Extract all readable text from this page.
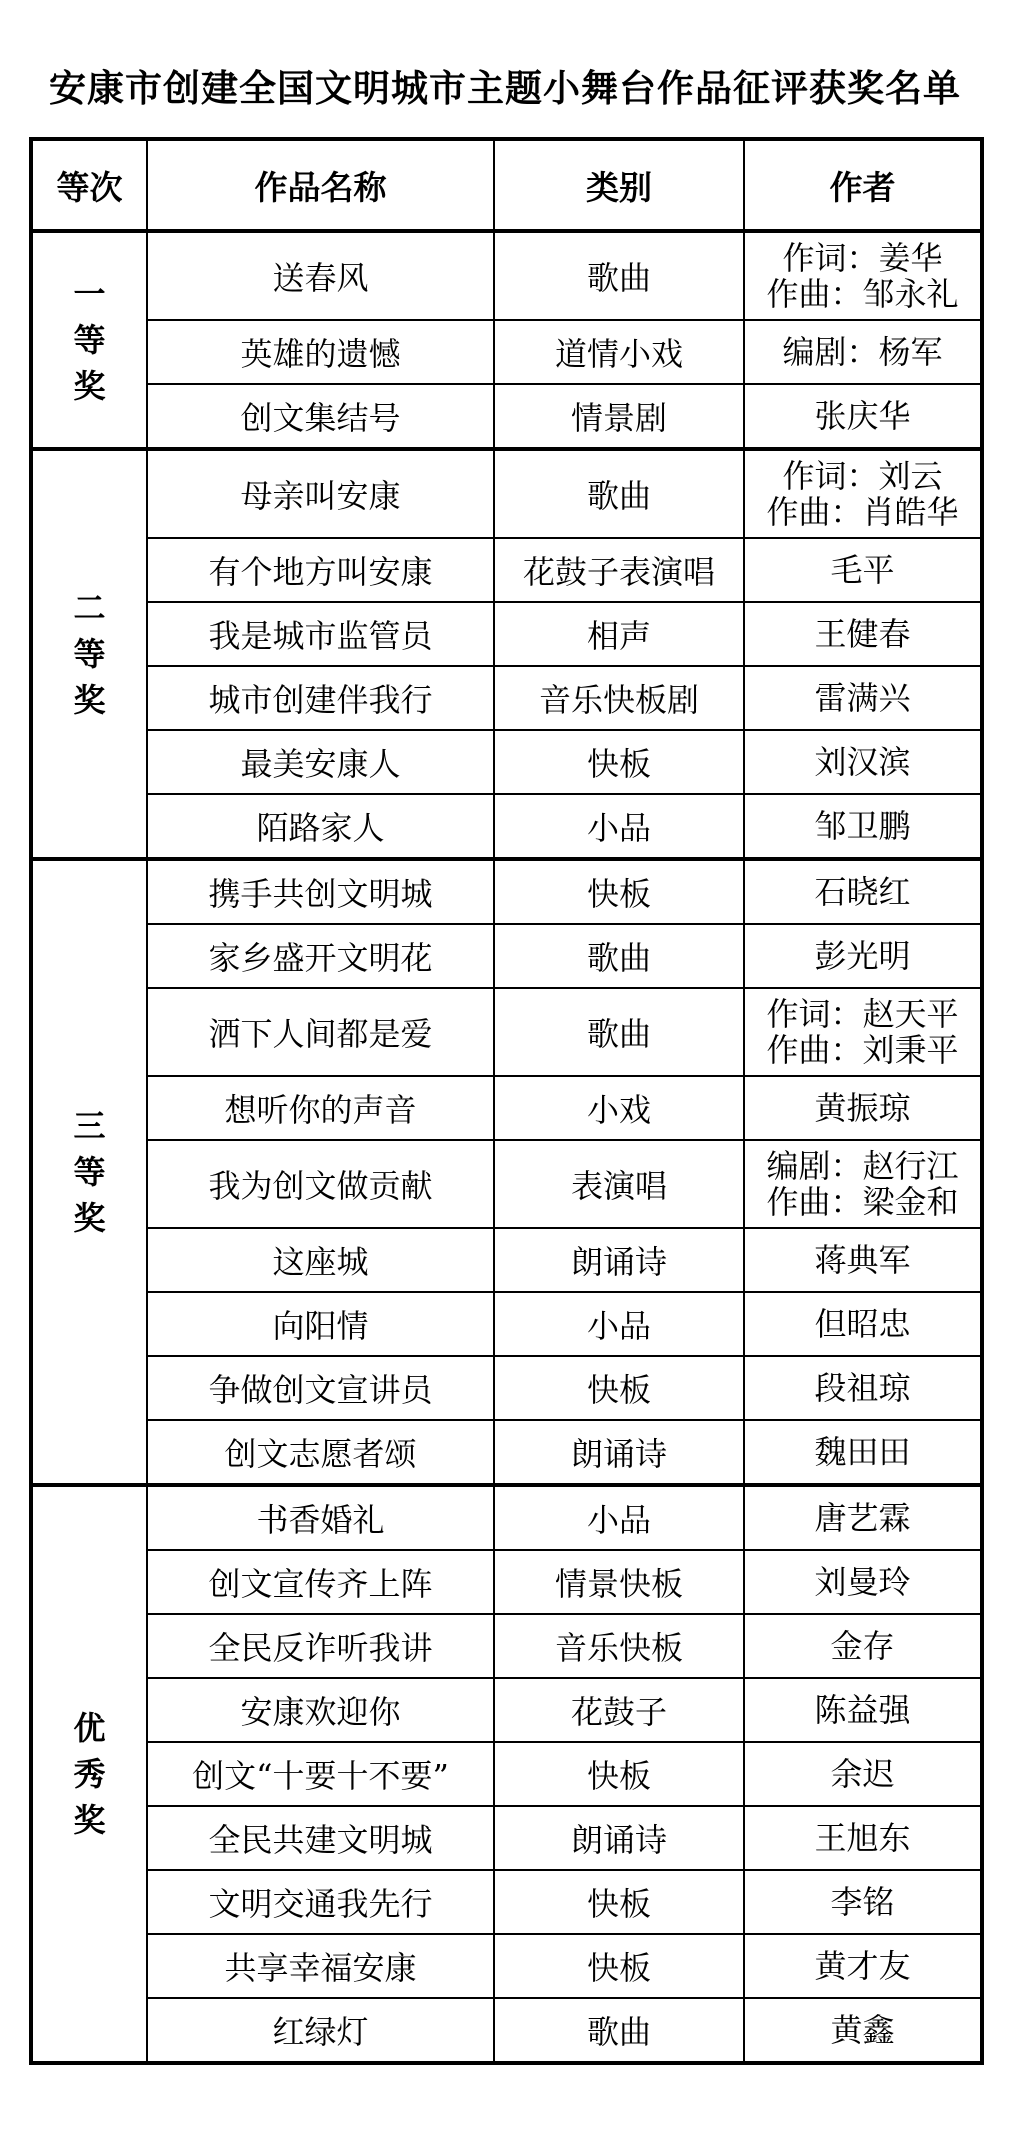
安康市创建全国文明城市主题小舞台作品征评获奖名单
等次	作品名称	类别	作者

一等奖	送春风	歌曲	作词：姜华
作曲：邹永礼

	英雄的遗憾	道情小戏	编剧：杨军

	创文集结号	情景剧	张庆华

二等奖	母亲叫安康	歌曲	作词：刘云
作曲：肖皓华

	有个地方叫安康	花鼓子表演唱	毛平

	我是城市监管员	相声	王健春

	城市创建伴我行	音乐快板剧	雷满兴

	最美安康人	快板	刘汉滨

	陌路家人	小品	邹卫鹏

三等奖	携手共创文明城	快板	石晓红

	家乡盛开文明花	歌曲	彭光明

	洒下人间都是爱	歌曲	作词：赵天平
作曲：刘秉平

	想听你的声音	小戏	黄振琼

	我为创文做贡献	表演唱	编剧：赵行江
作曲：梁金和

	这座城	朗诵诗	蒋典军

	向阳情	小品	但昭忠

	争做创文宣讲员	快板	段祖琼

	创文志愿者颂	朗诵诗	魏田田

优秀奖	书香婚礼	小品	唐艺霖

	创文宣传齐上阵	情景快板	刘曼玲

	全民反诈听我讲	音乐快板	金存

	安康欢迎你	花鼓子	陈益强

	创文“十要十不要”	快板	余迟

	全民共建文明城	朗诵诗	王旭东

	文明交通我先行	快板	李铭

	共享幸福安康	快板	黄才友

	红绿灯	歌曲	黄鑫
